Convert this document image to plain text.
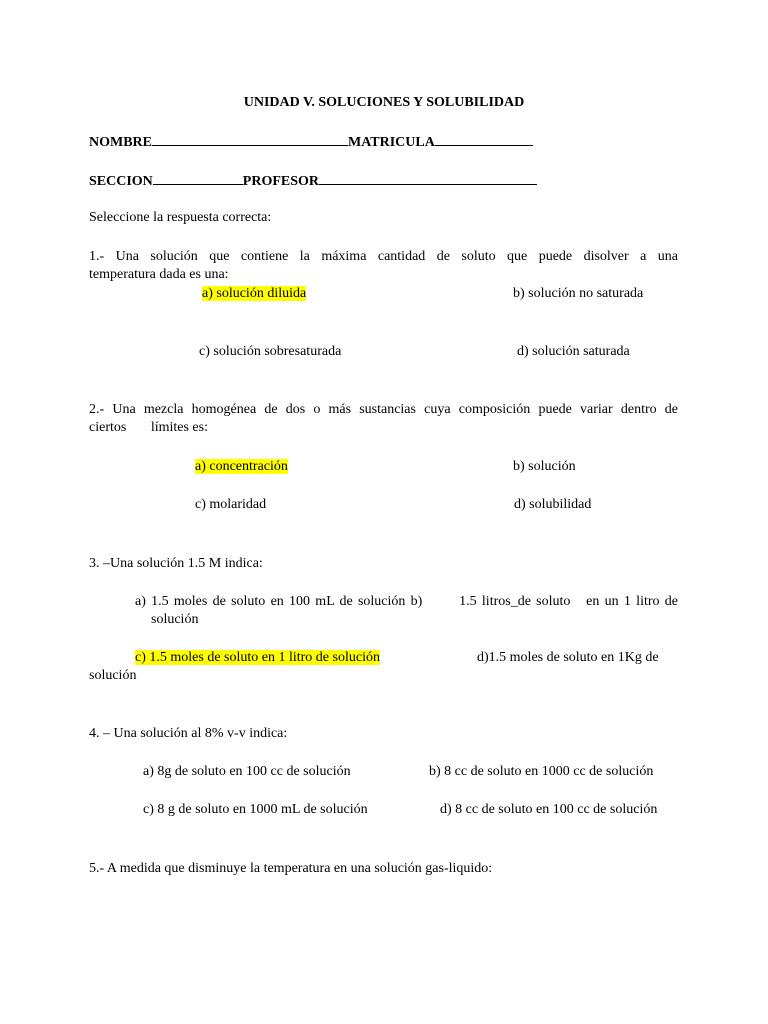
UNIDAD V. SOLUCIONES Y SOLUBILIDAD
NOMBRE	MATRICULA
SECCION	PROFESOR
Seleccione la respuesta correcta:
1.- Una solución que contiene la máxima cantidad de soluto que puede disolver a una
temperatura dada es una:
a) solución diluida	b) solución no saturada
c) solución sobresaturada	d) solución saturada
2.- Una mezcla homogénea de dos o más sustancias cuya composición puede variar dentro de
ciertos       límites es:
a) concentración	b) solución
c) molaridad	d) solubilidad
3. –Una solución 1.5 M indica:
a) 1.5 moles de soluto en 100 mL de solución b)       1.5 litros_de soluto   en un 1 litro de
solución
c) 1.5 moles de soluto en 1 litro de solución	d)1.5 moles de soluto en 1Kg de
solución
4. – Una solución al 8% v-v indica:
a) 8g de soluto en 100 cc de solución	b) 8 cc de soluto en 1000 cc de solución
c) 8 g de soluto en 1000 mL de solución	d) 8 cc de soluto en 100 cc de solución
5.- A medida que disminuye la temperatura en una solución gas-liquido:
